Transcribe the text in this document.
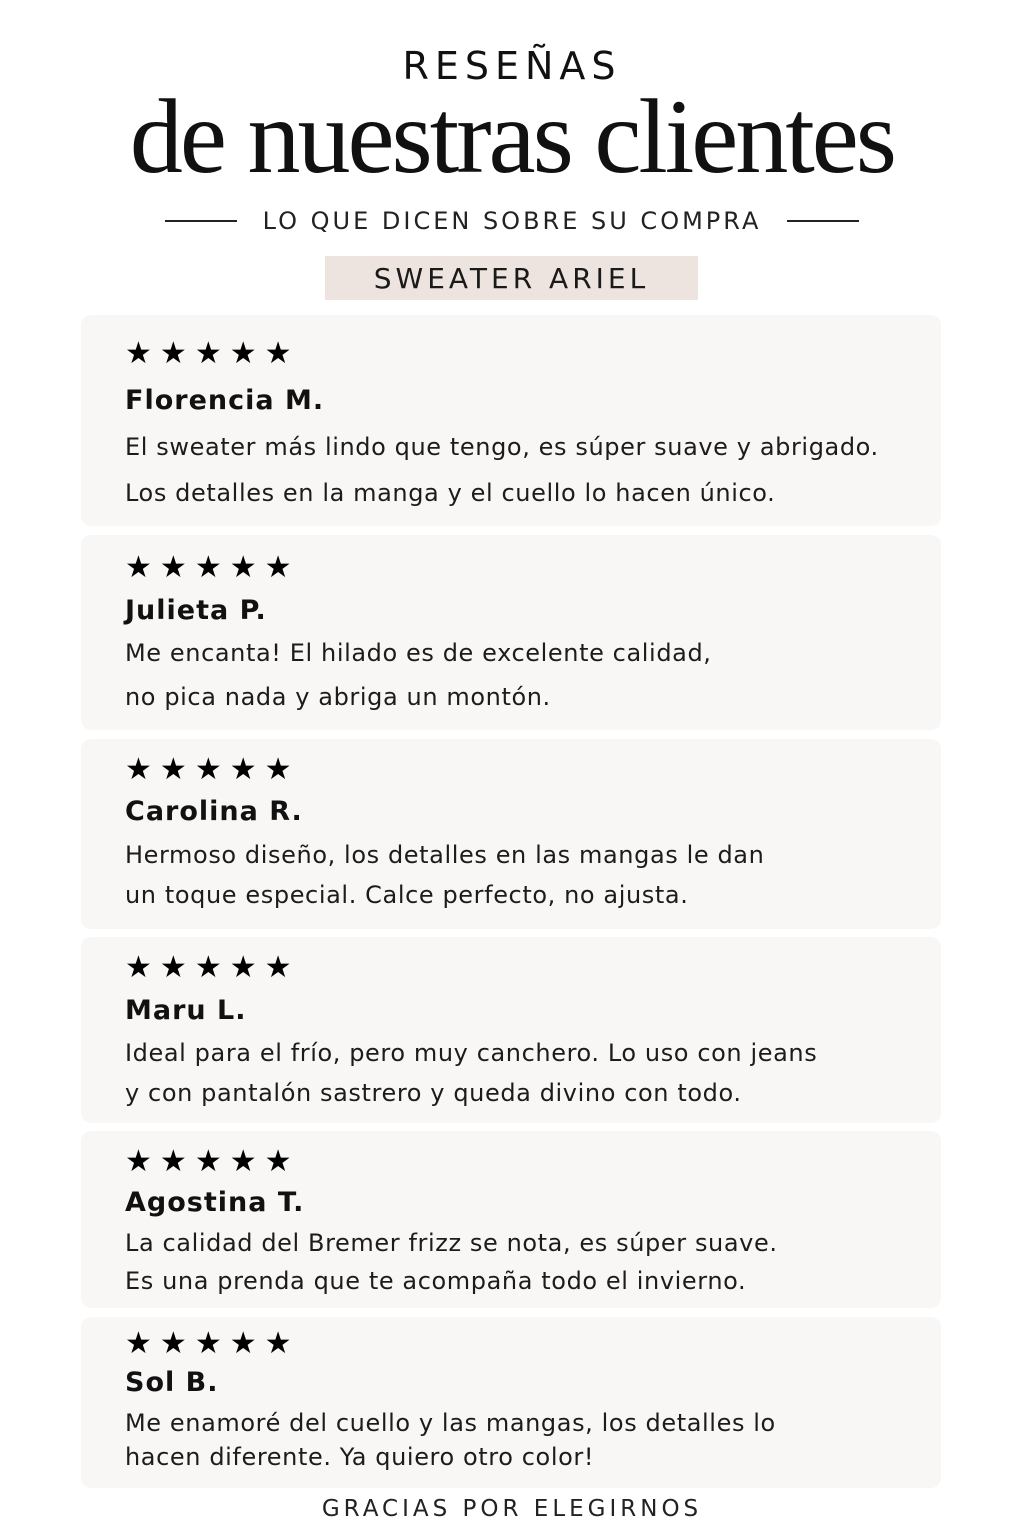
RESEÑAS
de nuestras clientes
LO QUE DICEN SOBRE SU COMPRA
SWEATER ARIEL
★ ★ ★ ★ ★
Florencia M.
El sweater más lindo que tengo, es súper suave y abrigado.
Los detalles en la manga y el cuello lo hacen único.
★ ★ ★ ★ ★
Julieta P.
Me encanta! El hilado es de excelente calidad,
no pica nada y abriga un montón.
★ ★ ★ ★ ★
Carolina R.
Hermoso diseño, los detalles en las mangas le dan
un toque especial. Calce perfecto, no ajusta.
★ ★ ★ ★ ★
Maru L.
Ideal para el frío, pero muy canchero. Lo uso con jeans
y con pantalón sastrero y queda divino con todo.
★ ★ ★ ★ ★
Agostina T.
La calidad del Bremer frizz se nota, es súper suave.
Es una prenda que te acompaña todo el invierno.
★ ★ ★ ★ ★
Sol B.
Me enamoré del cuello y las mangas, los detalles lo
hacen diferente. Ya quiero otro color!
GRACIAS POR ELEGIRNOS
